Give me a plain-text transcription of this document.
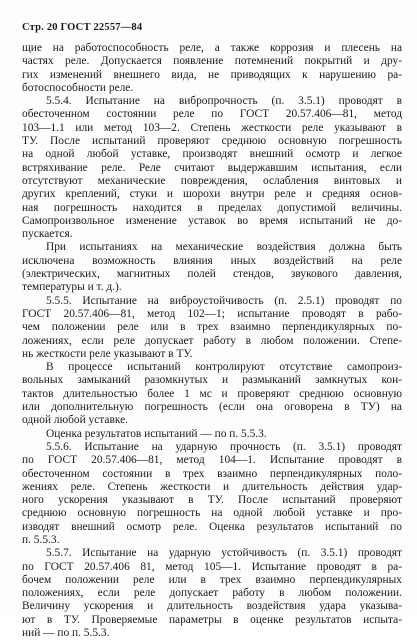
Стр. 20 ГОСТ 22557—84
щие на работоспособность реле, а также коррозия и плесень на
частях реле. Допускается появление потемнений покрытий и дру-
гих изменений внешнего вида, не приводящих к нарушению ра-
ботоспособности реле.
5.5.4. Испытание на вибропрочность (п. 3.5.1) проводят в
обесточенном состоянии реле по ГОСТ 20.57.406—81, метод
103—1.1 или метод 103—2. Степень жесткости реле указывают в
ТУ. После испытаний проверяют среднюю основную погрешность
на одной любой уставке, производят внешний осмотр и легкое
встряхивание реле. Реле считают выдержавшим испытания, если
отсутствуют механические повреждения, ослабления винтовых и
других креплений, стуки и шорохи внутри реле и средняя основ-
ная погрешность находится в пределах допустимой величины.
Самопроизвольное изменение уставок во время испытаний не до-
пускается.
При испытаниях на механические воздействия должна быть
исключена возможность влияния иных воздействий на реле
(электрических, магнитных полей стендов, звукового давления,
температуры и т. д.).
5.5.5. Испытание на виброустойчивость (п. 2.5.1) проводят по
ГОСТ 20.57.406—81, метод 102—1; испытание проводят в рабо-
чем положении реле или в трех взаимно перпендикулярных по-
ложениях, если реле допускает работу в любом положении. Степе-
нь жесткости реле указывают в ТУ.
В процессе испытаний контролируют отсутствие самопроиз-
вольных замыканий разомкнутых и размыканий замкнутых кон-
тактов длительностью более 1 мс и проверяют среднюю основную
или дополнительную погрешность (если она оговорена в ТУ) на
одной любой уставке.
Оценка результатов испытаний — по п. 5.5.3.
5.5.6. Испытание на ударную прочность (п. 3.5.1) проводят
по ГОСТ 20.57.406—81, метод 104—1. Испытание проводят в
обесточенном состоянии в трех взаимно перпендикулярных поло-
жениях реле. Степень жесткости и длительность действия удар-
ного ускорения указывают в ТУ. После испытаний проверяют
среднюю основную погрешность на одной любой уставке и про-
изводят внешний осмотр реле. Оценка результатов испытаний по
п. 5.5.3.
5.5.7. Испытание на ударную устойчивость (п. 3.5.1) проводят
по ГОСТ 20.57.406 81, метод 105—1. Испытание проводят в ра-
бочем положении реле или в трех взаимно перпендикулярных
положениях, если реле допускает работу в любом положении.
Величину ускорения и длительность воздействия удара указыва-
ют в ТУ. Проверяемые параметры в оценке результатов испыта-
ний — по п. 5.5.3.
